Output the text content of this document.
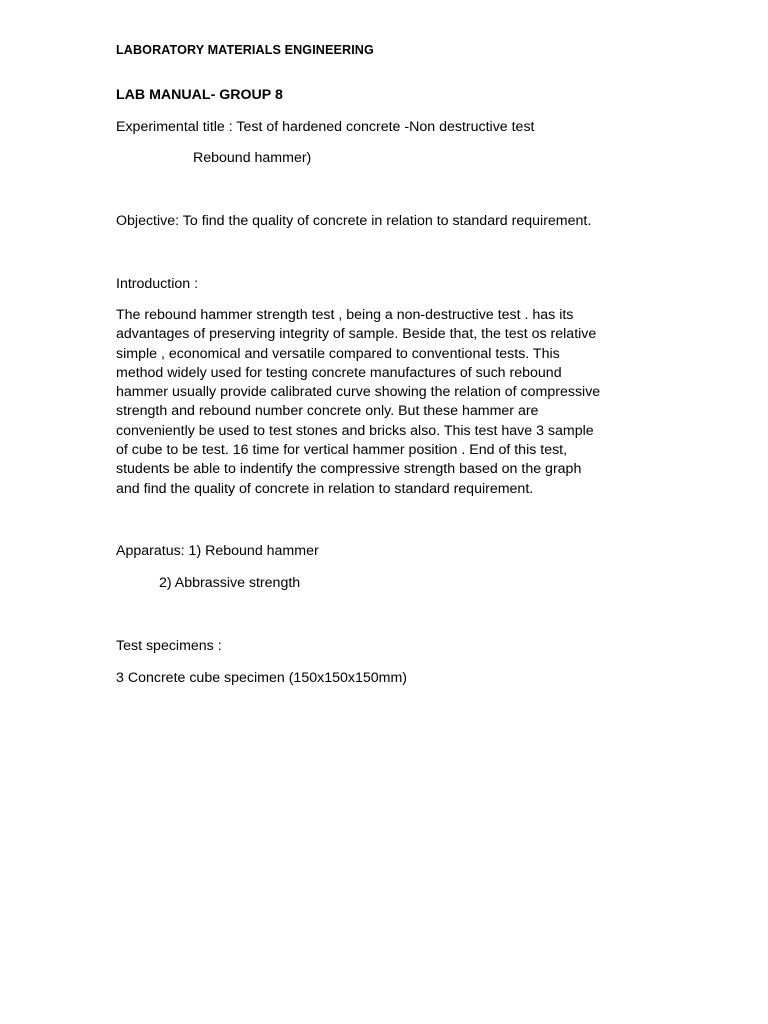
LABORATORY MATERIALS ENGINEERING
LAB MANUAL- GROUP 8
Experimental title : Test of hardened concrete -Non destructive test
Rebound hammer)
Objective: To find the quality of concrete in relation to standard requirement.
Introduction :
The rebound hammer strength test , being a non-destructive test . has its
advantages of preserving integrity of sample. Beside that, the test os relative
simple , economical and versatile compared to conventional tests. This
method widely used for testing concrete manufactures of such rebound
hammer usually provide calibrated curve showing the relation of compressive
strength and rebound number concrete only. But these hammer are
conveniently be used to test stones and bricks also. This test have 3 sample
of cube to be test. 16 time for vertical hammer position . End of this test,
students be able to indentify the compressive strength based on the graph
and find the quality of concrete in relation to standard requirement.
Apparatus: 1) Rebound hammer
2) Abbrassive strength
Test specimens :
3 Concrete cube specimen (150x150x150mm)
